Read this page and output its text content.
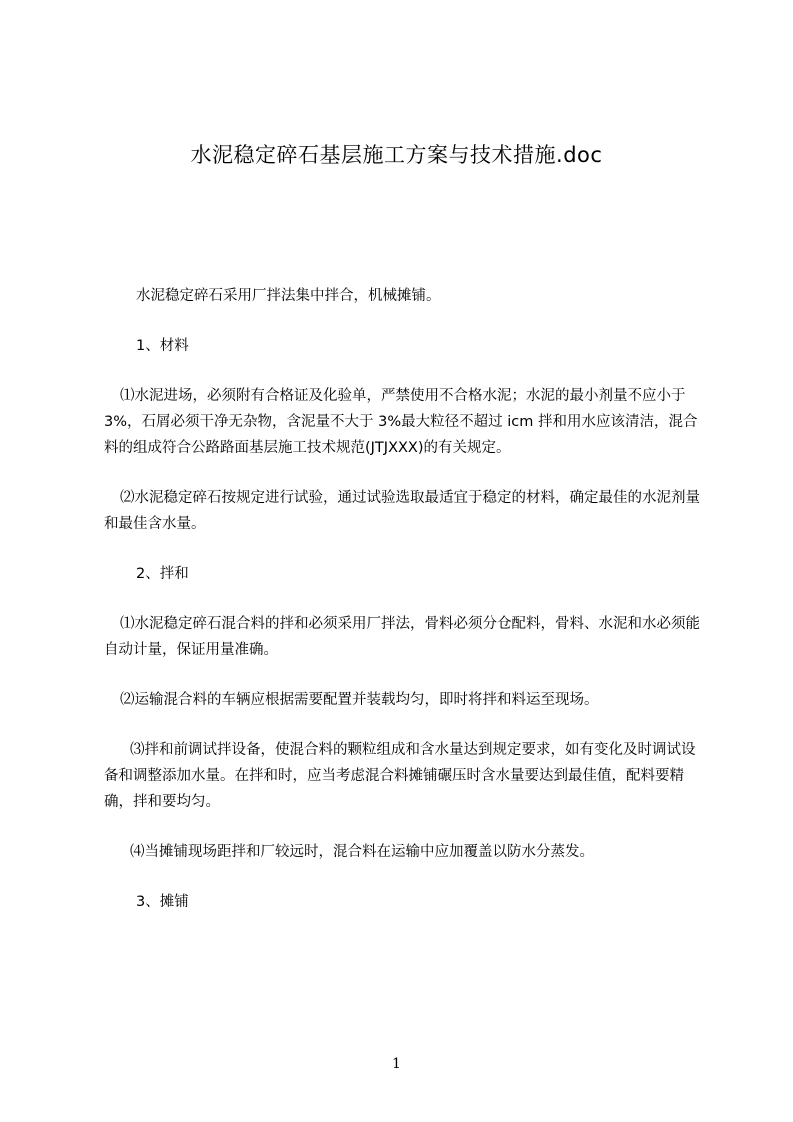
水泥稳定碎石基层施工方案与技术措施.doc

水泥稳定碎石采用厂拌法集中拌合，机械摊铺。

1、材料

⑴水泥进场，必须附有合格证及化验单，严禁使用不合格水泥；水泥的最小剂量不应小于 3%，石屑必须干净无杂物，含泥量不大于 3%最大粒径不超过 icm 拌和用水应该清洁，混合料的组成符合公路路面基层施工技术规范(JTJXXX)的有关规定。

⑵水泥稳定碎石按规定进行试验，通过试验选取最适宜于稳定的材料，确定最佳的水泥剂量和最佳含水量。

2、拌和

⑴水泥稳定碎石混合料的拌和必须采用厂拌法，骨料必须分仓配料，骨料、水泥和水必须能自动计量，保证用量准确。

⑵运输混合料的车辆应根据需要配置并装载均匀，即时将拌和料运至现场。

⑶拌和前调试拌设备，使混合料的颗粒组成和含水量达到规定要求，如有变化及时调试设备和调整添加水量。在拌和时，应当考虑混合料摊铺碾压时含水量要达到最佳值，配料要精确，拌和要均匀。

⑷当摊铺现场距拌和厂较远时，混合料在运输中应加覆盖以防水分蒸发。

3、摊铺

1
